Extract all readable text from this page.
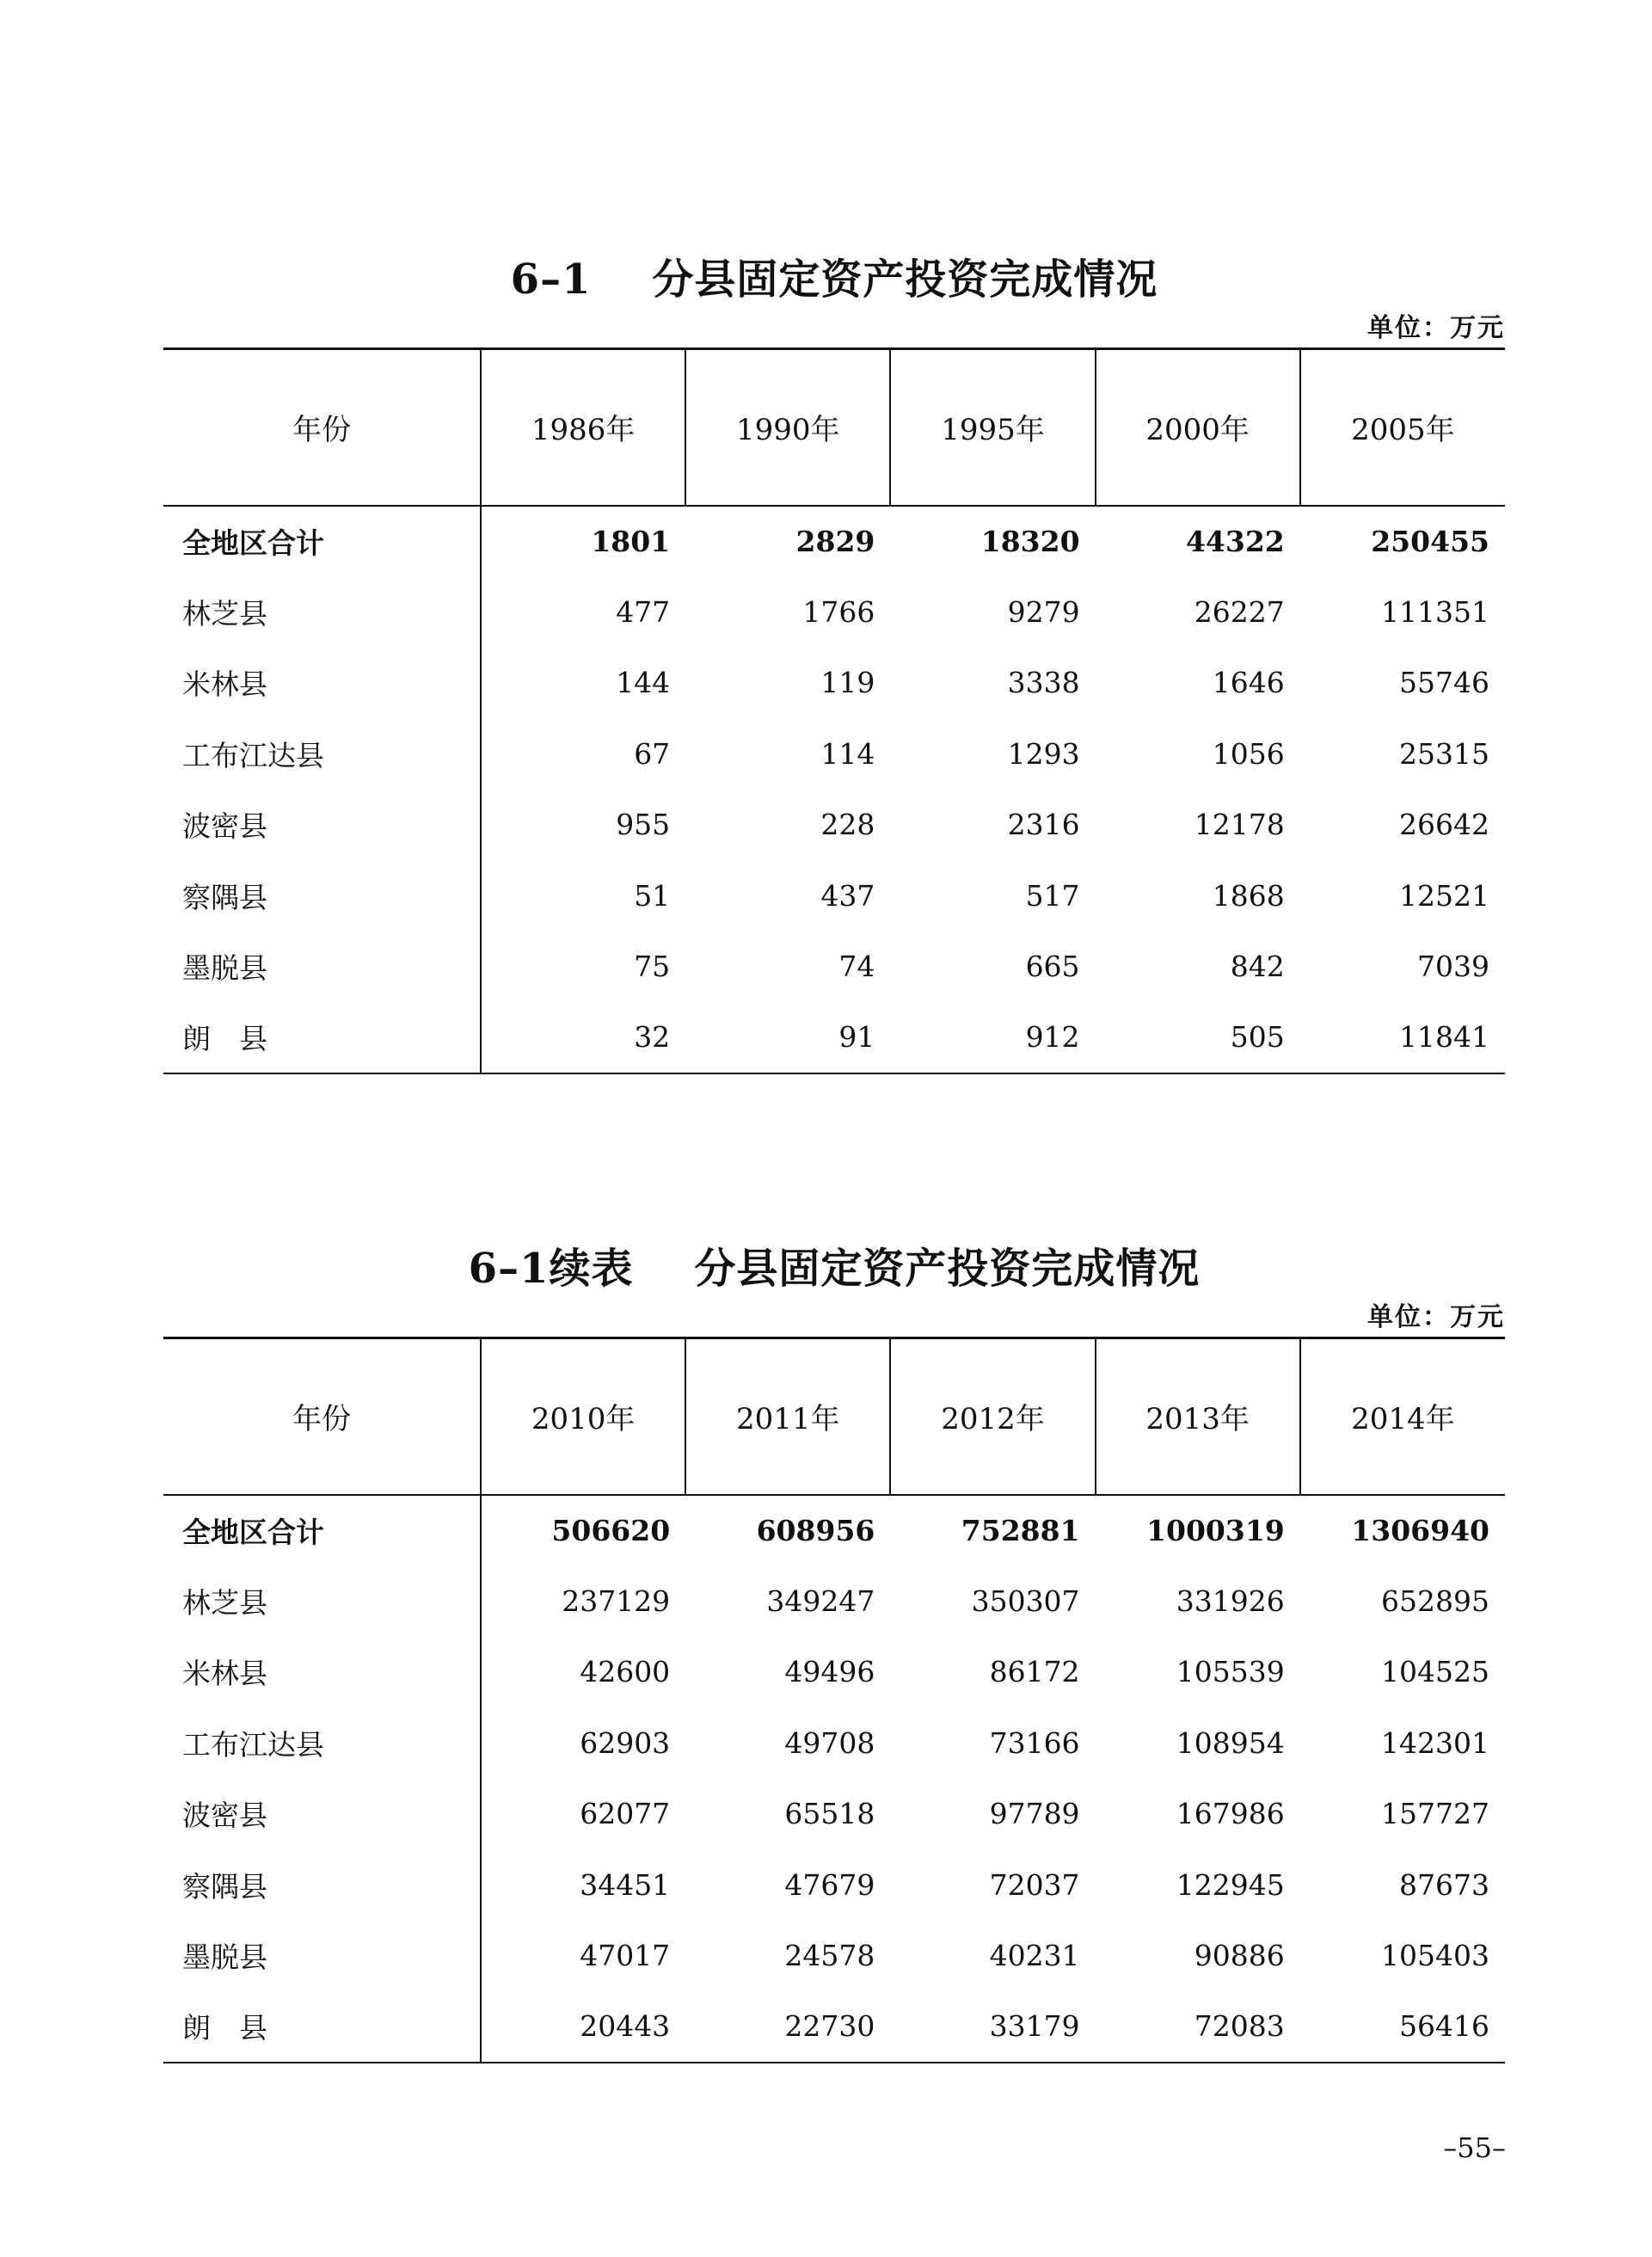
6–1    分县固定资产投资完成情况
单位：万元
年份	1986年	1990年	1995年	2000年	2005年
全地区合计	1801	2829	18320	44322	250455
林芝县	477	1766	9279	26227	111351
米林县	144	119	3338	1646	55746
工布江达县	67	114	1293	1056	25315
波密县	955	228	2316	12178	26642
察隅县	51	437	517	1868	12521
墨脱县	75	74	665	842	7039
朗　县	32	91	912	505	11841
6–1续表    分县固定资产投资完成情况
单位：万元
年份	2010年	2011年	2012年	2013年	2014年
全地区合计	506620	608956	752881	1000319	1306940
林芝县	237129	349247	350307	331926	652895
米林县	42600	49496	86172	105539	104525
工布江达县	62903	49708	73166	108954	142301
波密县	62077	65518	97789	167986	157727
察隅县	34451	47679	72037	122945	87673
墨脱县	47017	24578	40231	90886	105403
朗　县	20443	22730	33179	72083	56416
–55–
